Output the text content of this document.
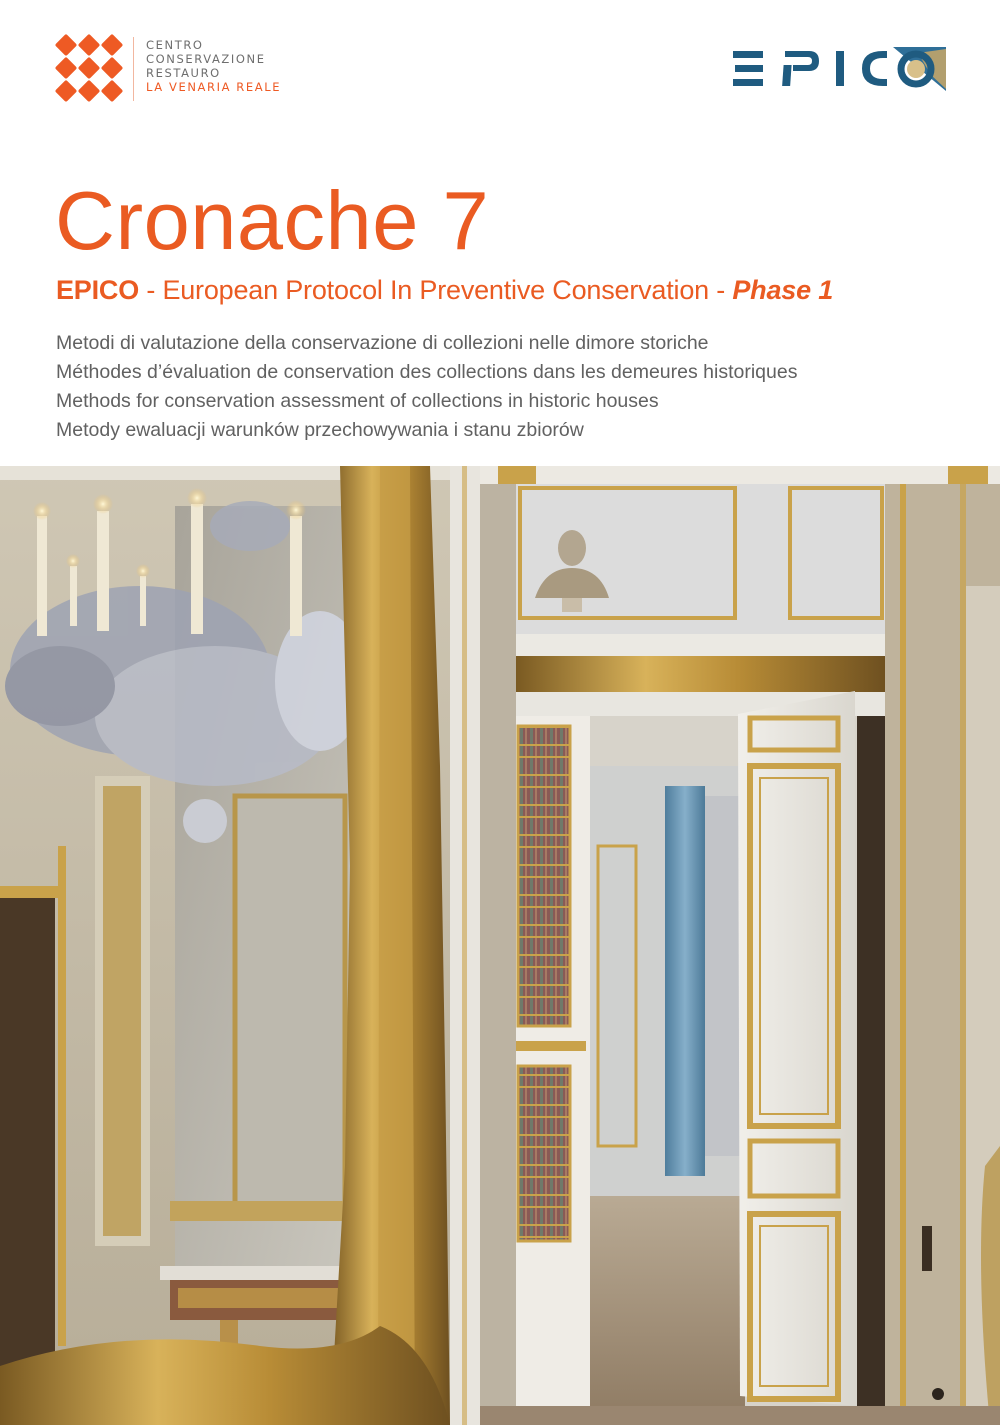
CENTRO
CONSERVAZIONE
RESTAURO
LA VENARIA REALE
Cronache 7
EPICO - European Protocol In Preventive Conservation - Phase 1
Metodi di valutazione della conservazione di collezioni nelle dimore storiche
Méthodes d’évaluation de conservation des collections dans les demeures historiques
Methods for conservation assessment of collections in historic houses
Metody ewaluacji warunków przechowywania i stanu zbiorów
